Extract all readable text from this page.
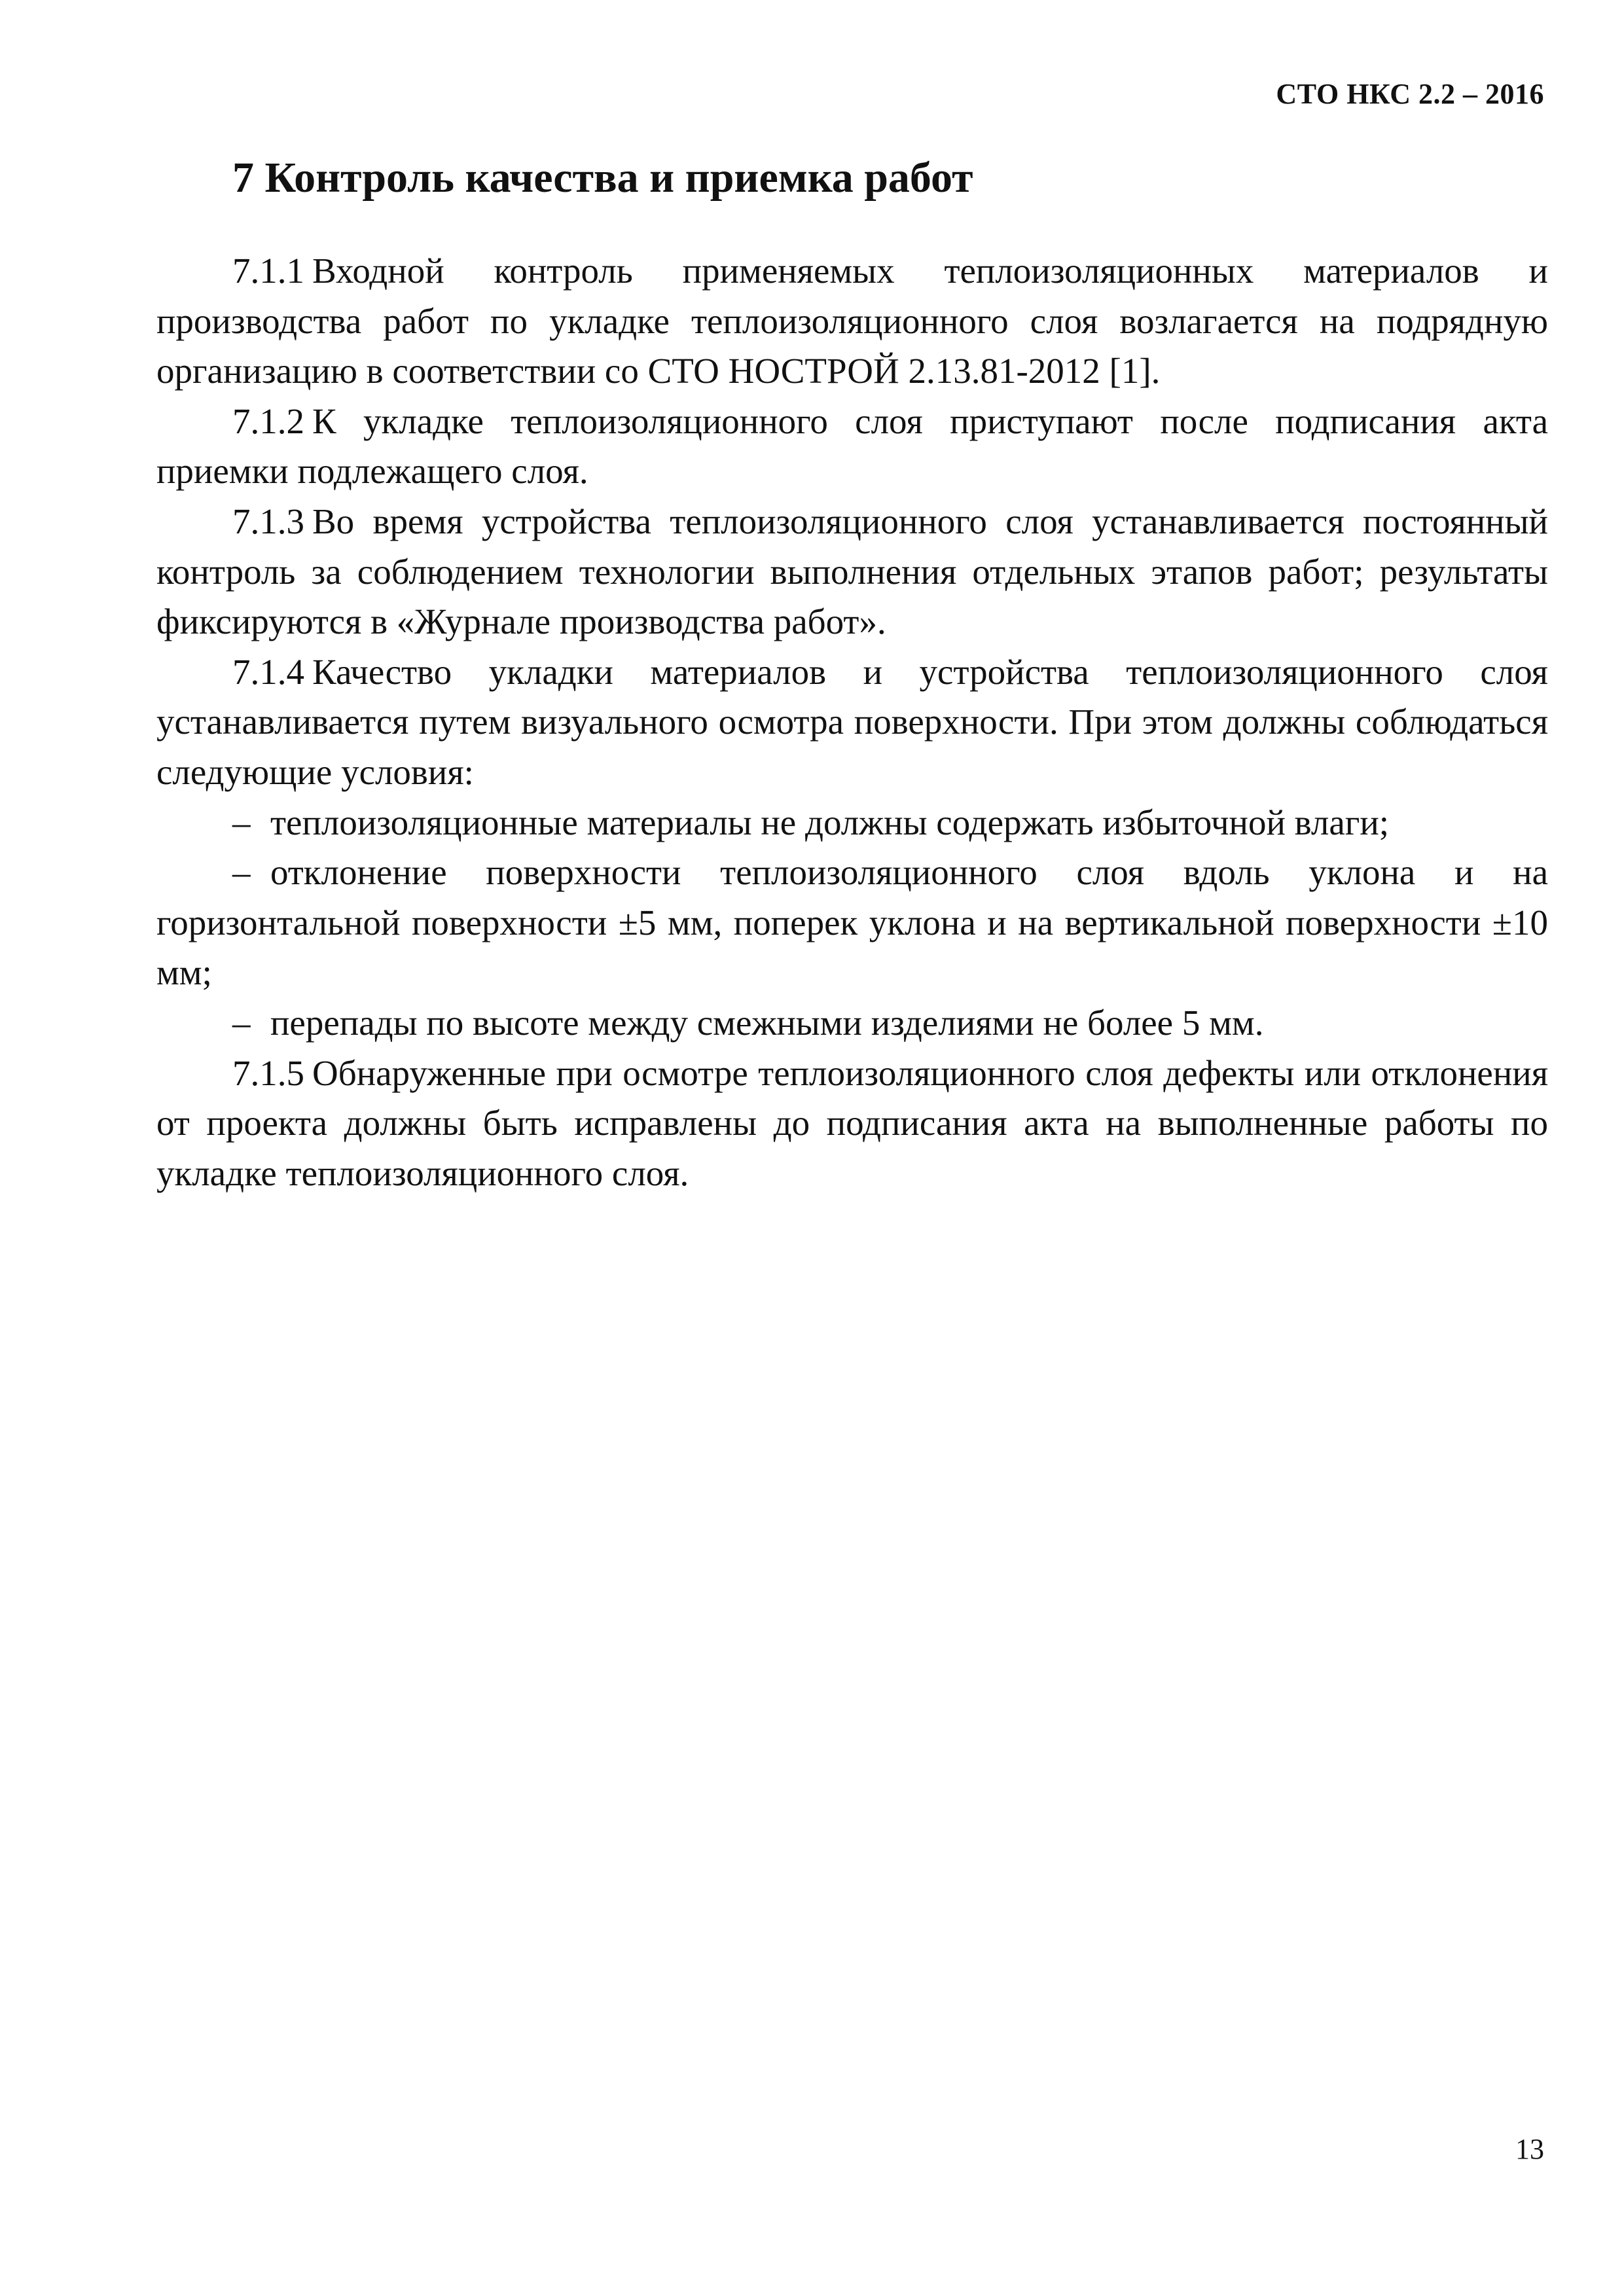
СТО НКС 2.2 – 2016
7 Контроль качества и приемка работ

7.1.1 Входной контроль применяемых теплоизоляционных материалов и производства работ по укладке теплоизоляционного слоя возлагается на подрядную организацию в соответствии со СТО НОСТРОЙ 2.13.81-2012 [1].

7.1.2 К укладке теплоизоляционного слоя приступают после подписания акта приемки подлежащего слоя.

7.1.3 Во время устройства теплоизоляционного слоя устанавливается постоянный контроль за соблюдением технологии выполнения отдельных этапов работ; результаты фиксируются в «Журнале производства работ».

7.1.4 Качество укладки материалов и устройства теплоизоляционного слоя устанавливается путем визуального осмотра поверхности. При этом должны соблюдаться следующие условия:

– теплоизоляционные материалы не должны содержать избыточной влаги;

– отклонение поверхности теплоизоляционного слоя вдоль уклона и на горизонтальной поверхности ±5 мм, поперек уклона и на вертикальной поверхности ±10 мм;

– перепады по высоте между смежными изделиями не более 5 мм.

7.1.5 Обнаруженные при осмотре теплоизоляционного слоя дефекты или отклонения от проекта должны быть исправлены до подписания акта на выполненные работы по укладке теплоизоляционного слоя.

13
